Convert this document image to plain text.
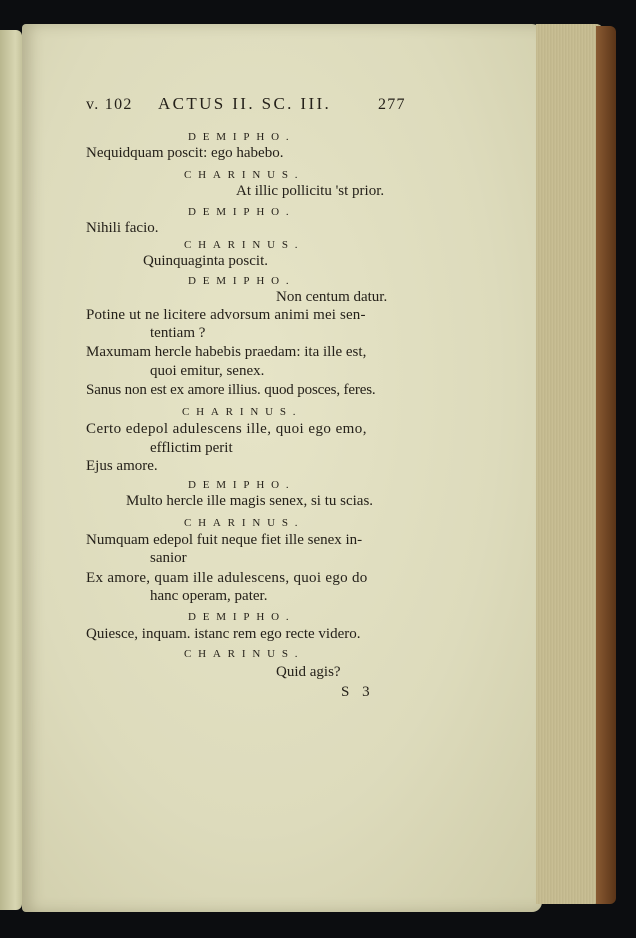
v. 102 ACTUS II. SC. III.	277
DEMIPHO.
Nequidquam poscit: ego habebo.
CHARINUS.
At illic pollicitu 'st prior.
DEMIPHO.
Nihili facio.
CHARINUS.
Quinquaginta poscit.
DEMIPHO.
Non centum datur.
Potine ut ne licitere advorsum animi mei sen-
tentiam ?
Maxumam hercle habebis praedam: ita ille est,
quoi emitur, senex.
Sanus non est ex amore illius. quod posces, feres.
CHARINUS.
Certo edepol adulescens ille, quoi ego emo,
efflictim perit
Ejus amore.
DEMIPHO.
Multo hercle ille magis senex, si tu scias.
CHARINUS.
Numquam edepol fuit neque fiet ille senex in-
sanior
Ex amore, quam ille adulescens, quoi ego do
hanc operam, pater.
DEMIPHO.
Quiesce, inquam. istanc rem ego recte videro.
CHARINUS.
Quid agis?
S 3
